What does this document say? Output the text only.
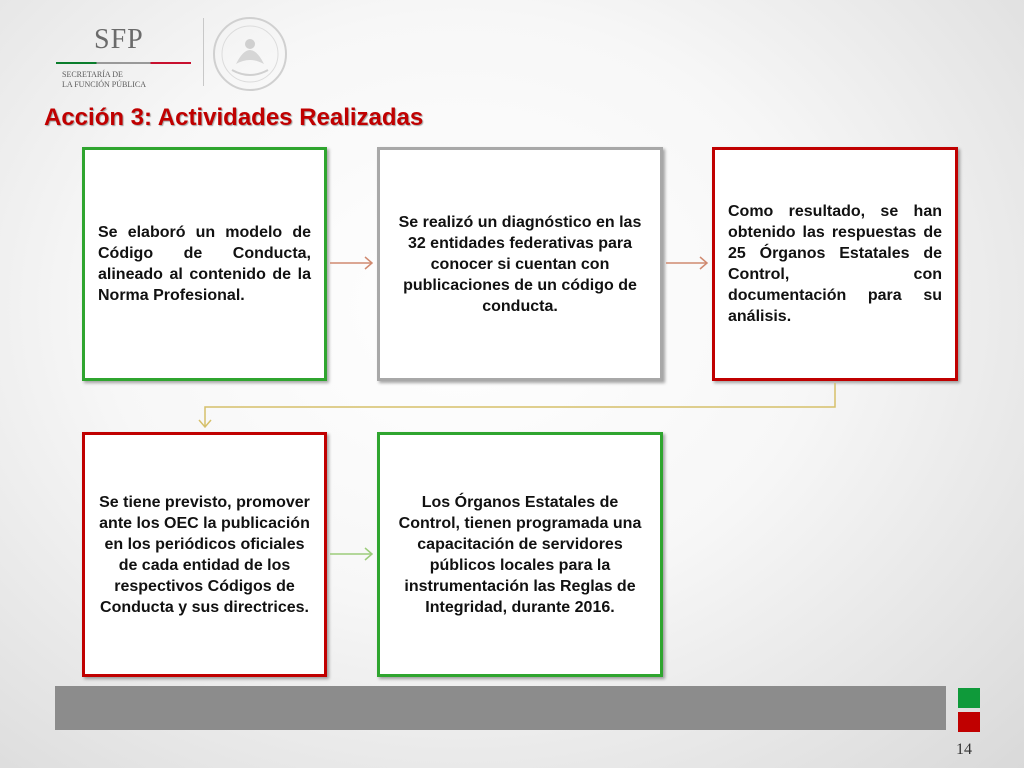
SFP
SECRETARÍA DE
LA FUNCIÓN PÚBLICA
Acción 3: Actividades Realizadas
Se elaboró un modelo de Código de Conducta, alineado al contenido de la Norma Profesional.
Se realizó un diagnóstico en las 32 entidades federativas para conocer si cuentan con publicaciones de un código de conducta.
Como resultado, se han obtenido las respuestas de 25 Órganos Estatales de Control, con documentación para su análisis.
Se tiene previsto, promover ante los OEC la publicación en los periódicos oficiales de cada entidad de los respectivos Códigos de Conducta y sus directrices.
Los Órganos Estatales de Control, tienen programada una capacitación de servidores públicos locales para la instrumentación las Reglas de Integridad, durante 2016.
14
